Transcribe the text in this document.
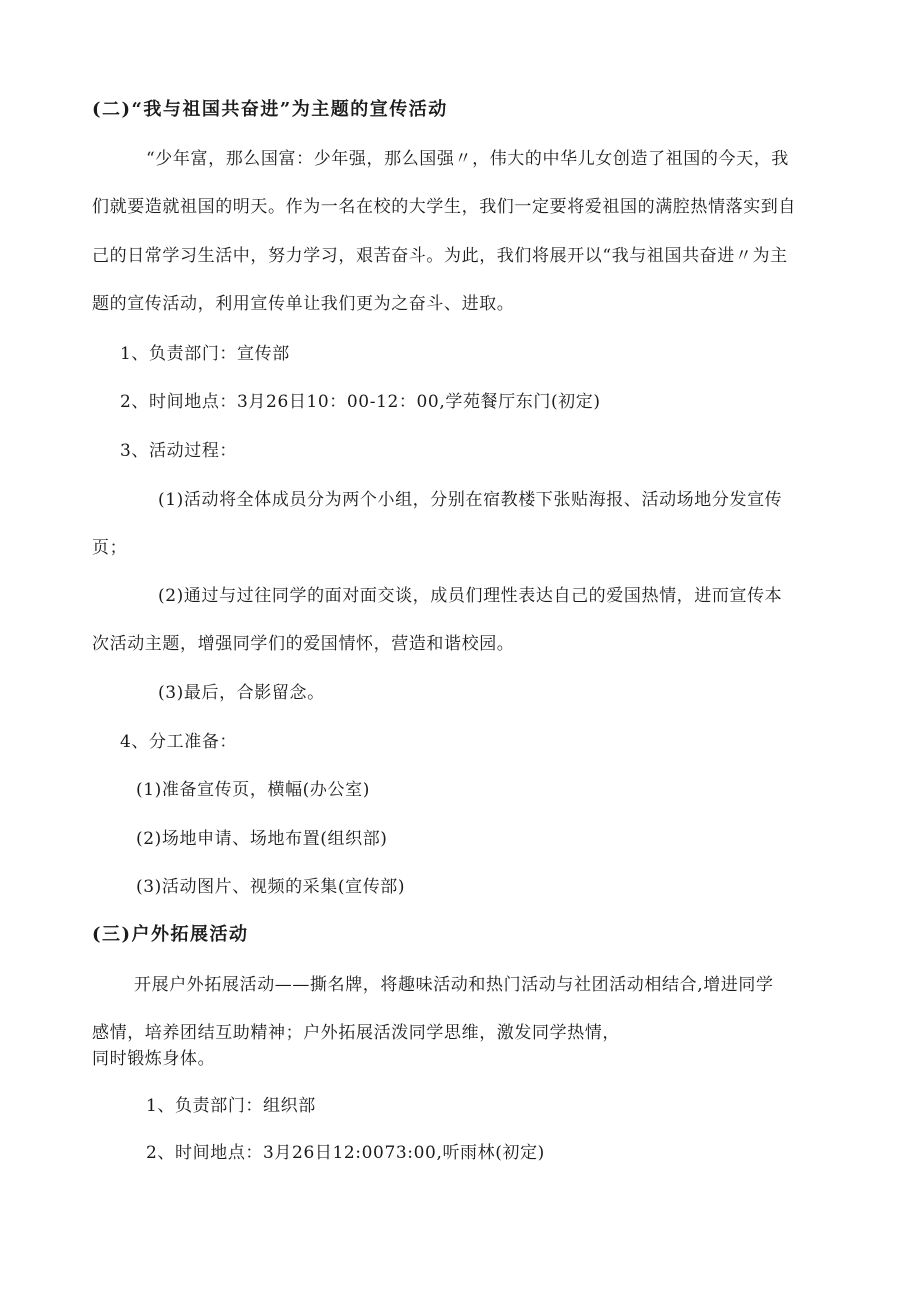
(二)“我与祖国共奋进”为主题的宣传活动
“少年富，那么国富：少年强，那么国强〃，伟大的中华儿女创造了祖国的今天，我
们就要造就祖国的明天。作为一名在校的大学生，我们一定要将爱祖国的满腔热情落实到自
己的日常学习生活中，努力学习，艰苦奋斗。为此，我们将展开以“我与祖国共奋进〃为主
题的宣传活动，利用宣传单让我们更为之奋斗、进取。
1、负责部门：宣传部
2、时间地点：3月26日10：00-12：00,学苑餐厅东门(初定)
3、活动过程：
(1)活动将全体成员分为两个小组，分别在宿教楼下张贴海报、活动场地分发宣传
页；
(2)通过与过往同学的面对面交谈，成员们理性表达自己的爱国热情，进而宣传本
次活动主题，增强同学们的爱国情怀，营造和谐校园。
(3)最后，合影留念。
4、分工准备：
(1)准备宣传页，横幅(办公室)
(2)场地申请、场地布置(组织部)
(3)活动图片、视频的采集(宣传部)
(三)户外拓展活动
开展户外拓展活动——撕名牌，将趣味活动和热门活动与社团活动相结合,增进同学
感情，培养团结互助精神；户外拓展活泼同学思维，激发同学热情，
同时锻炼身体。
1、负责部门：组织部
2、时间地点：3月26日12:0073:00,听雨林(初定)
